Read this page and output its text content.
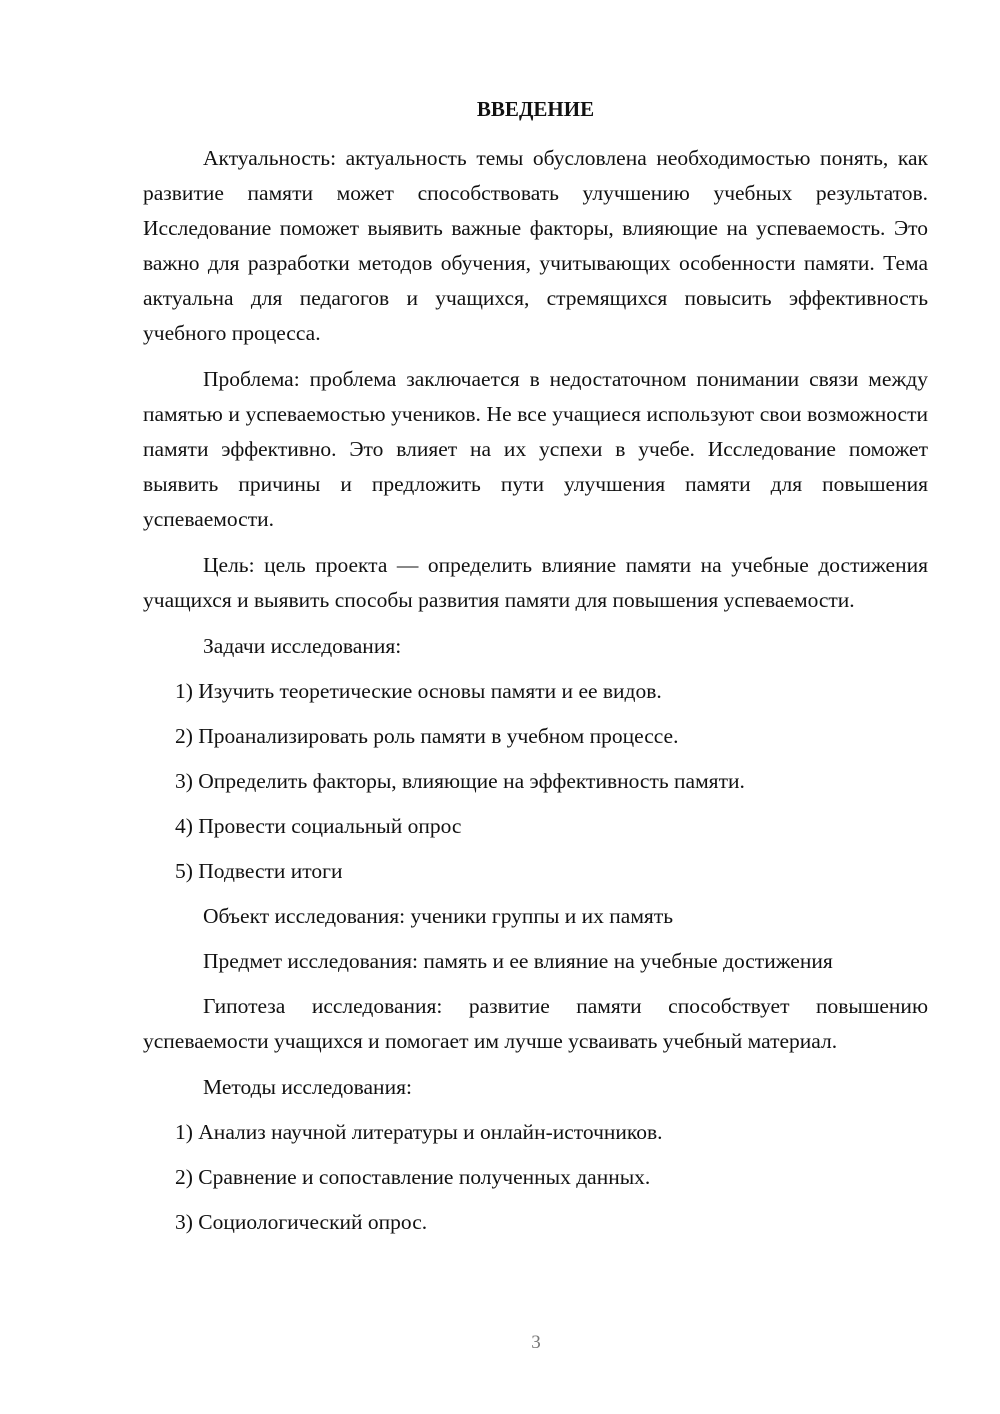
ВВЕДЕНИЕ

Актуальность: актуальность темы обусловлена необходимостью понять, как развитие памяти может способствовать улучшению учебных результатов. Исследование поможет выявить важные факторы, влияющие на успеваемость. Это важно для разработки методов обучения, учитывающих особенности памяти. Тема актуальна для педагогов и учащихся, стремящихся повысить эффективность учебного процесса.

Проблема: проблема заключается в недостаточном понимании связи между памятью и успеваемостью учеников. Не все учащиеся используют свои возможности памяти эффективно. Это влияет на их успехи в учебе. Исследование поможет выявить причины и предложить пути улучшения памяти для повышения успеваемости.

Цель: цель проекта — определить влияние памяти на учебные достижения учащихся и выявить способы развития памяти для повышения успеваемости.

Задачи исследования:

1) Изучить теоретические основы памяти и ее видов.

2) Проанализировать роль памяти в учебном процессе.

3) Определить факторы, влияющие на эффективность памяти.

4) Провести социальный опрос

5) Подвести итоги

Объект исследования: ученики группы и их память

Предмет исследования: память и ее влияние на учебные достижения

Гипотеза исследования: развитие памяти способствует повышению успеваемости учащихся и помогает им лучше усваивать учебный материал.

Методы исследования:

1) Анализ научной литературы и онлайн-источников.

2) Сравнение и сопоставление полученных данных.

3) Социологический опрос.

3
